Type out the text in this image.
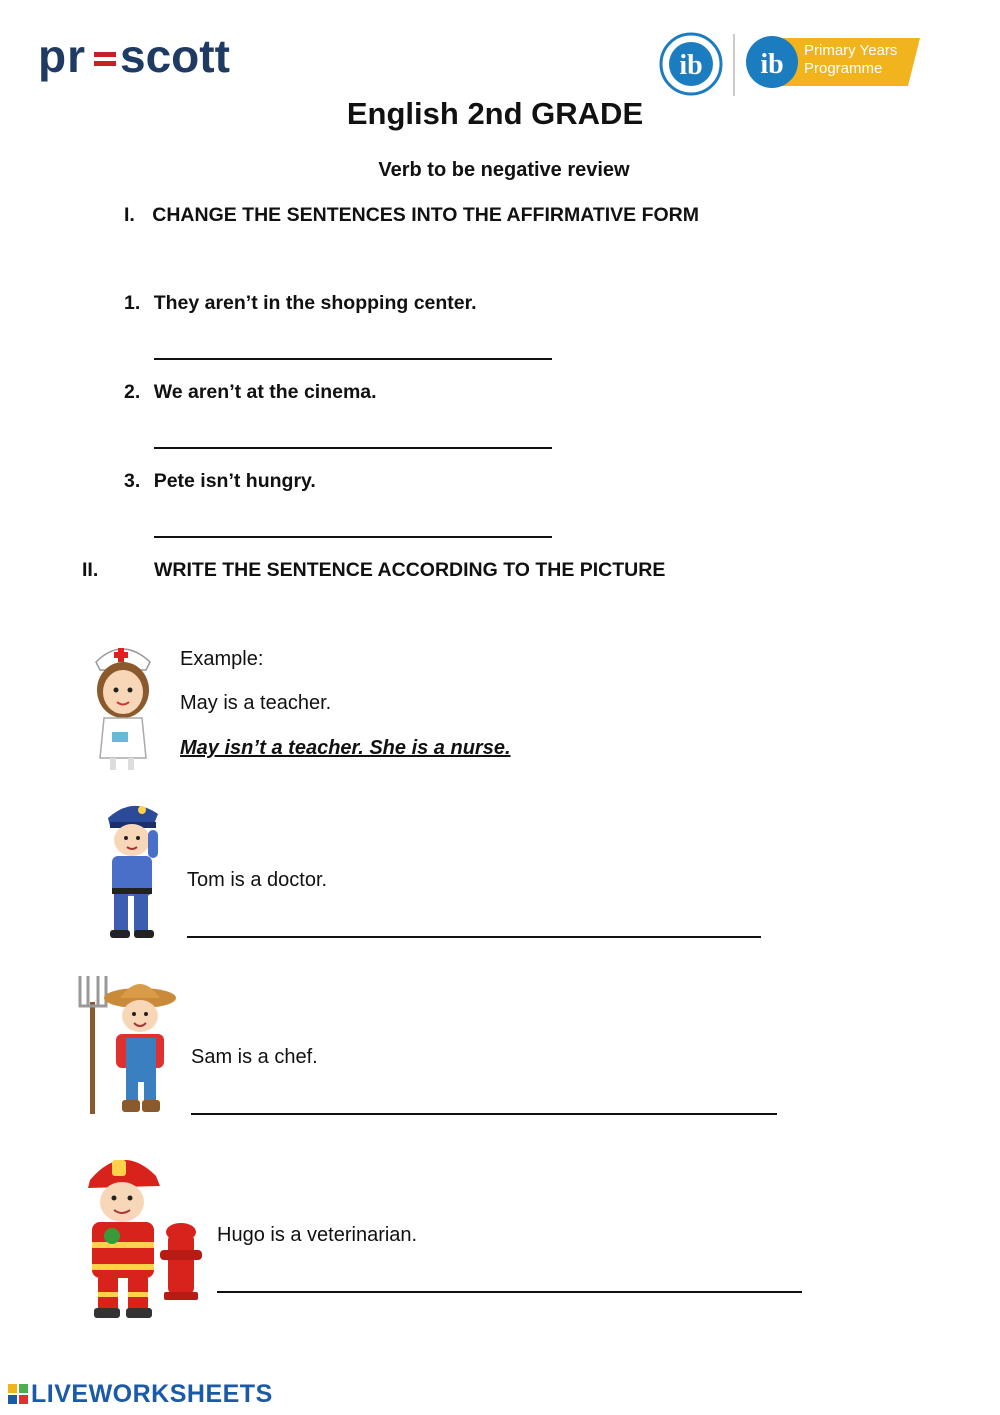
pr scott	ib ib Primary Years
Programme
English 2nd GRADE
Verb to be negative review
I. CHANGE THE SENTENCES INTO THE AFFIRMATIVE FORM
1. They aren’t in the shopping center.
2. We aren’t at the cinema.
3. Pete isn’t hungry.
II.	WRITE THE SENTENCE ACCORDING TO THE PICTURE
Example:
May is a teacher.
May isn’t a teacher. She is a nurse.
Tom is a doctor.
Sam is a chef.
Hugo is a veterinarian.
LIVEWORKSHEETS
